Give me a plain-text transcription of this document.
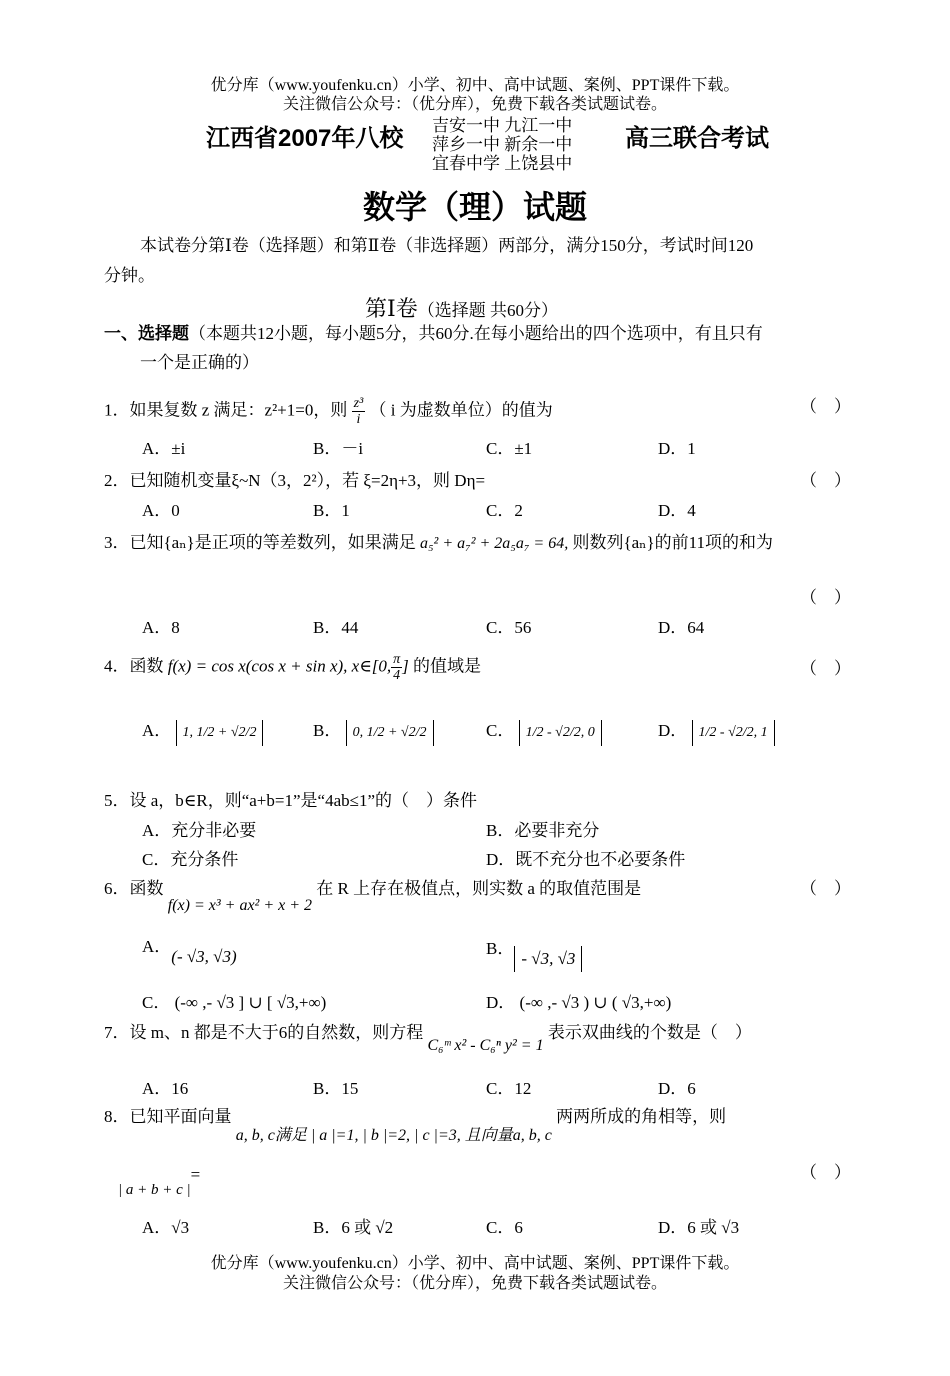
优分库（www.youfenku.cn）小学、初中、高中试题、案例、PPT课件下载。
关注微信公众号：（优分库），免费下载各类试题试卷。
江西省2007年八校 吉安一中 九江一中
萍乡一中 新余一中
宜春中学 上饶县中
高三联合考试
数学（理）试题
本试卷分第Ⅰ卷（选择题）和第Ⅱ卷（非选择题）两部分，满分150分，考试时间120
分钟。
第Ⅰ卷（选择题 共60分）
一、选择题（本题共12小题，每小题5分，共60分.在每小题给出的四个选项中，有且只有
一个是正确的）
1．如果复数 z 满足：z²+1=0，则 $\frac{\text{z³}}{i}$ （ i 为虚数单位）的值为	（　）
A．±i	B．－i	C．±1	D．1
2．已知随机变量ξ~N（3，2²），若 ξ=2η+3，则 Dη=	（　）
A．0	B．1	C．2	D．4
3．已知{aₙ}是正项的等差数列，如果满足 a₅² + a₇² + 2a₅a₇ = 64, 则数列{aₙ}的前11项的和为
（　）
A．8	B．44	C．56	D．64
4．函数 f(x) = cos x(cos x + sin x), x∈[0, $\frac{\pi}{4}$ ] 的值域是	（　）
A． 1, 1/2 + √2/2	B． 0, 1/2 + √2/2	C． 1/2 - √2/2, 0	D． 1/2 - √2/2, 1
5．设 a，b∈R，则“a+b=1”是“4ab≤1”的（　）条件
A．充分非必要	B．必要非充分
C．充分条件	D．既不充分也不必要条件
6．函数 f(x) = x³ + ax² + x + 2 在 R 上存在极值点，则实数 a 的取值范围是	（　）
A．(- √3, √3)	B．- √3, √3
C． (-∞ ,- √3 ] ∪ [ √3,+∞)	D． (-∞ ,- √3 ) ∪ ( √3,+∞)
7．设 m、n 都是不大于6的自然数，则方程 C₆ᵐ x² - C₆ⁿ y² = 1 表示双曲线的个数是（　）
A．16	B．15	C．12	D．6
8．已知平面向量 a, b, c满足 | a |=1, | b |=2, | c |=3, 且向量a, b, c 两两所成的角相等，则
| a + b + c |=	（　）
A．√3	B．6 或 √2	C．6	D．6 或 √3
优分库（www.youfenku.cn）小学、初中、高中试题、案例、PPT课件下载。
关注微信公众号：（优分库），免费下载各类试题试卷。
